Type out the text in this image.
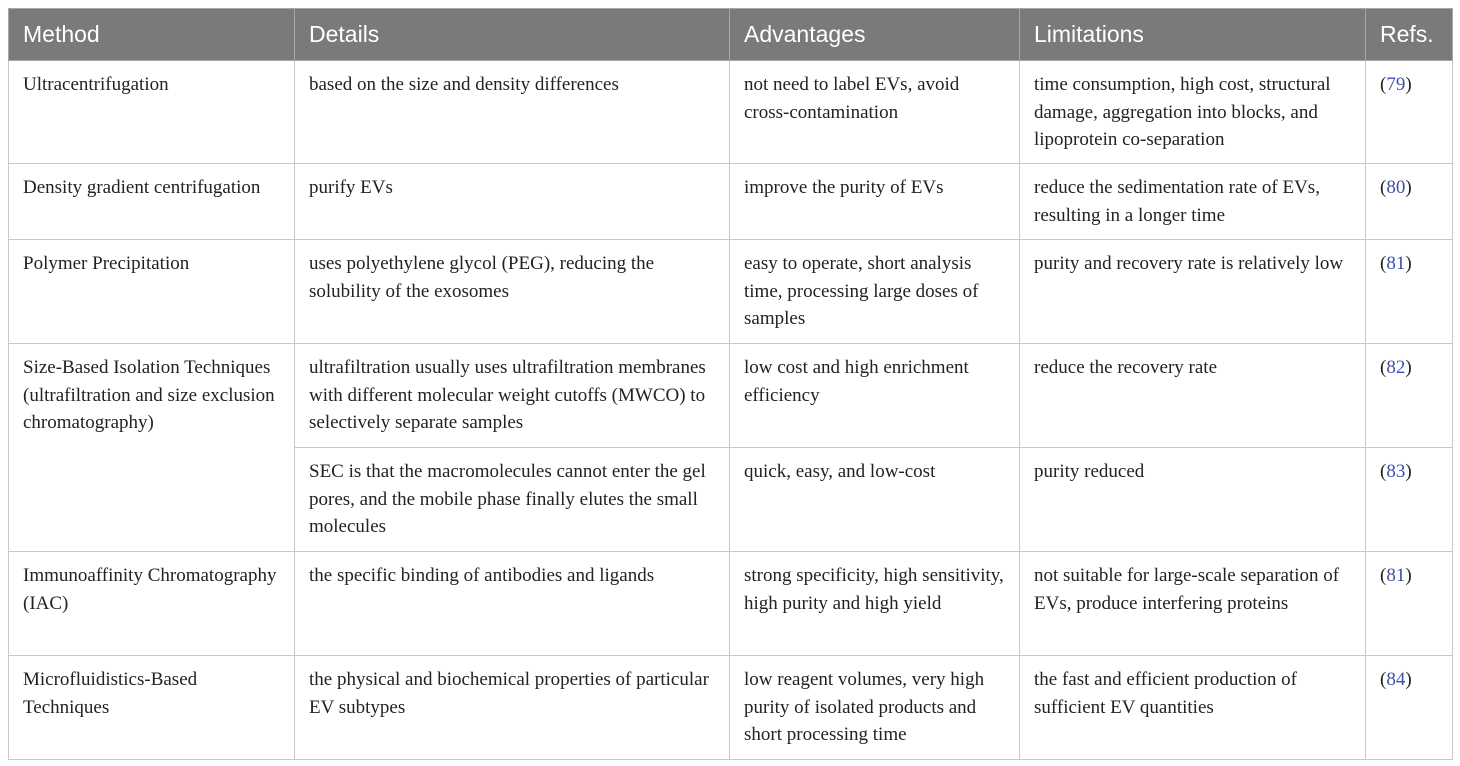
Method	Details	Advantages	Limitations	Refs.
Ultracentrifugation	based on the size and density differences	not need to label EVs, avoid cross-contamination	time consumption, high cost, structural damage, aggregation into blocks, and lipoprotein co-separation	(79)
Density gradient centrifugation	purify EVs	improve the purity of EVs	reduce the sedimentation rate of EVs, resulting in a longer time	(80)
Polymer Precipitation	uses polyethylene glycol (PEG), reducing the solubility of the exosomes	easy to operate, short analysis time, processing large doses of samples	purity and recovery rate is relatively low	(81)
Size-Based Isolation Techniques (ultrafiltration and size exclusion chromatography)	ultrafiltration usually uses ultrafiltration membranes with different molecular weight cutoffs (MWCO) to selectively separate samples	low cost and high enrichment efficiency	reduce the recovery rate	(82)
	SEC is that the macromolecules cannot enter the gel pores, and the mobile phase finally elutes the small molecules	quick, easy, and low-cost	purity reduced	(83)
Immunoaffinity Chromatography (IAC)	the specific binding of antibodies and ligands	strong specificity, high sensitivity, high purity and high yield	not suitable for large-scale separation of EVs, produce interfering proteins	(81)
Microfluidistics-Based Techniques	the physical and biochemical properties of particular EV subtypes	low reagent volumes, very high purity of isolated products and short processing time	the fast and efficient production of sufficient EV quantities	(84)
